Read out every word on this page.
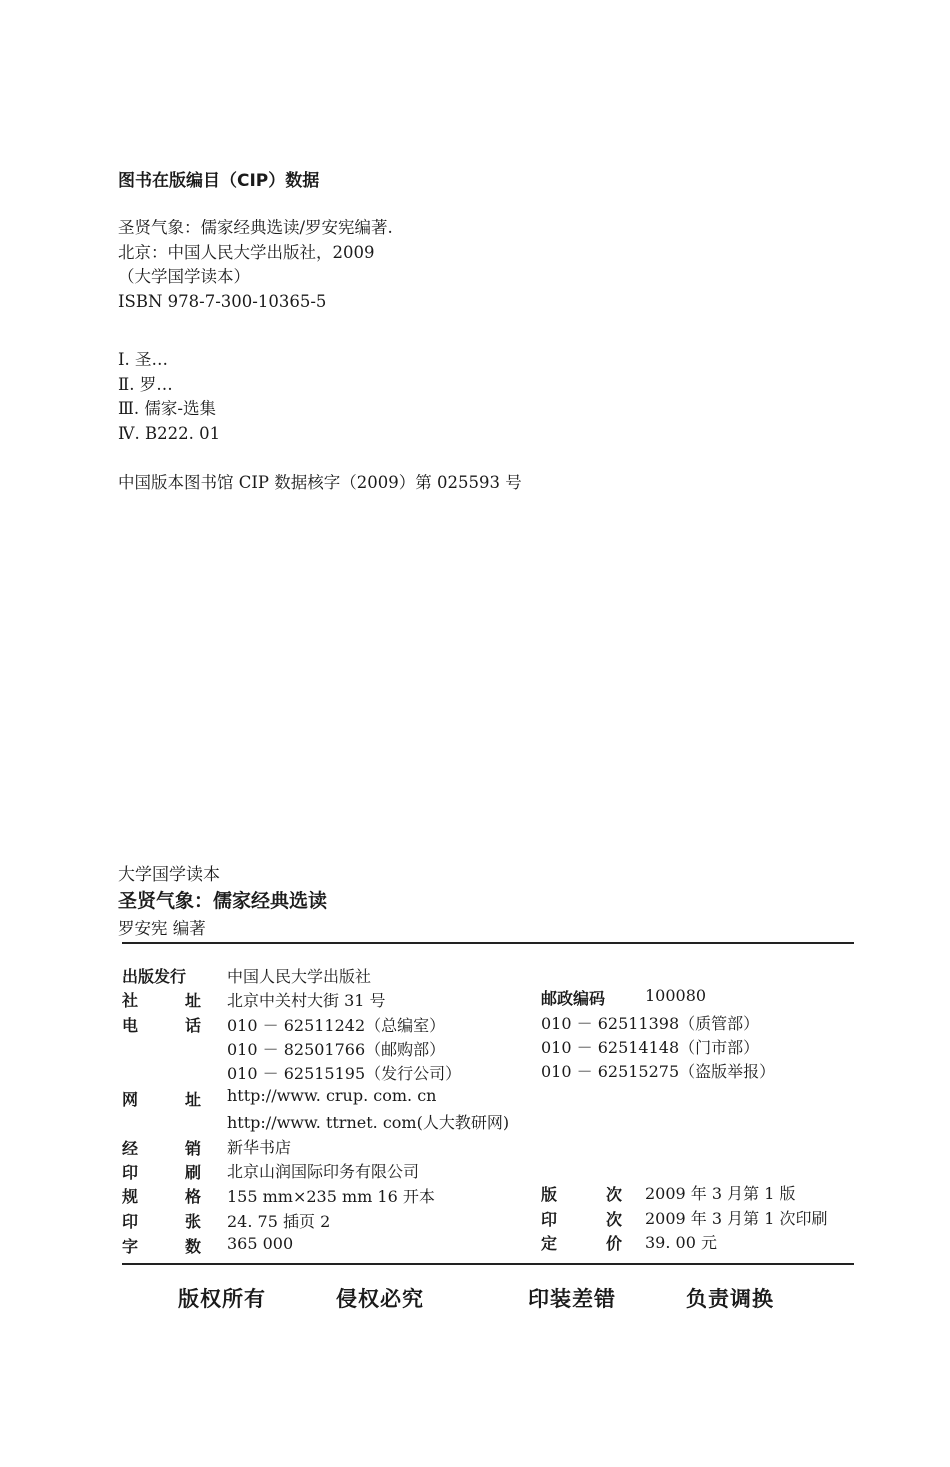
图书在版编目（CIP）数据
圣贤气象：儒家经典选读/罗安宪编著.
北京：中国人民大学出版社，2009
（大学国学读本）
ISBN 978-7-300-10365-5
Ⅰ. 圣…
Ⅱ. 罗…
Ⅲ. 儒家-选集
Ⅳ. B222. 01
中国版本图书馆 CIP 数据核字（2009）第 025593 号
大学国学读本
圣贤气象：儒家经典选读
罗安宪 编著
出版发行	中国人民大学出版社
社	址 北京中关村大街 31 号	邮政编码 100080
电	话 010 － 62511242（总编室）	010 － 62511398（质管部）
010 － 82501766（邮购部）	010 － 62514148（门市部）
010 － 62515195（发行公司）	010 － 62515275（盗版举报）
网	址 http://www. crup. com. cn
http://www. ttrnet. com(人大教研网)
经	销 新华书店
印	刷 北京山润国际印务有限公司
规	格 155 mm×235 mm 16 开本	版	次 2009 年 3 月第 1 版
印	张 24. 75 插页 2	印	次 2009 年 3 月第 1 次印刷
字	数 365 000	定	价 39. 00 元
版权所有	侵权必究	印装差错	负责调换
